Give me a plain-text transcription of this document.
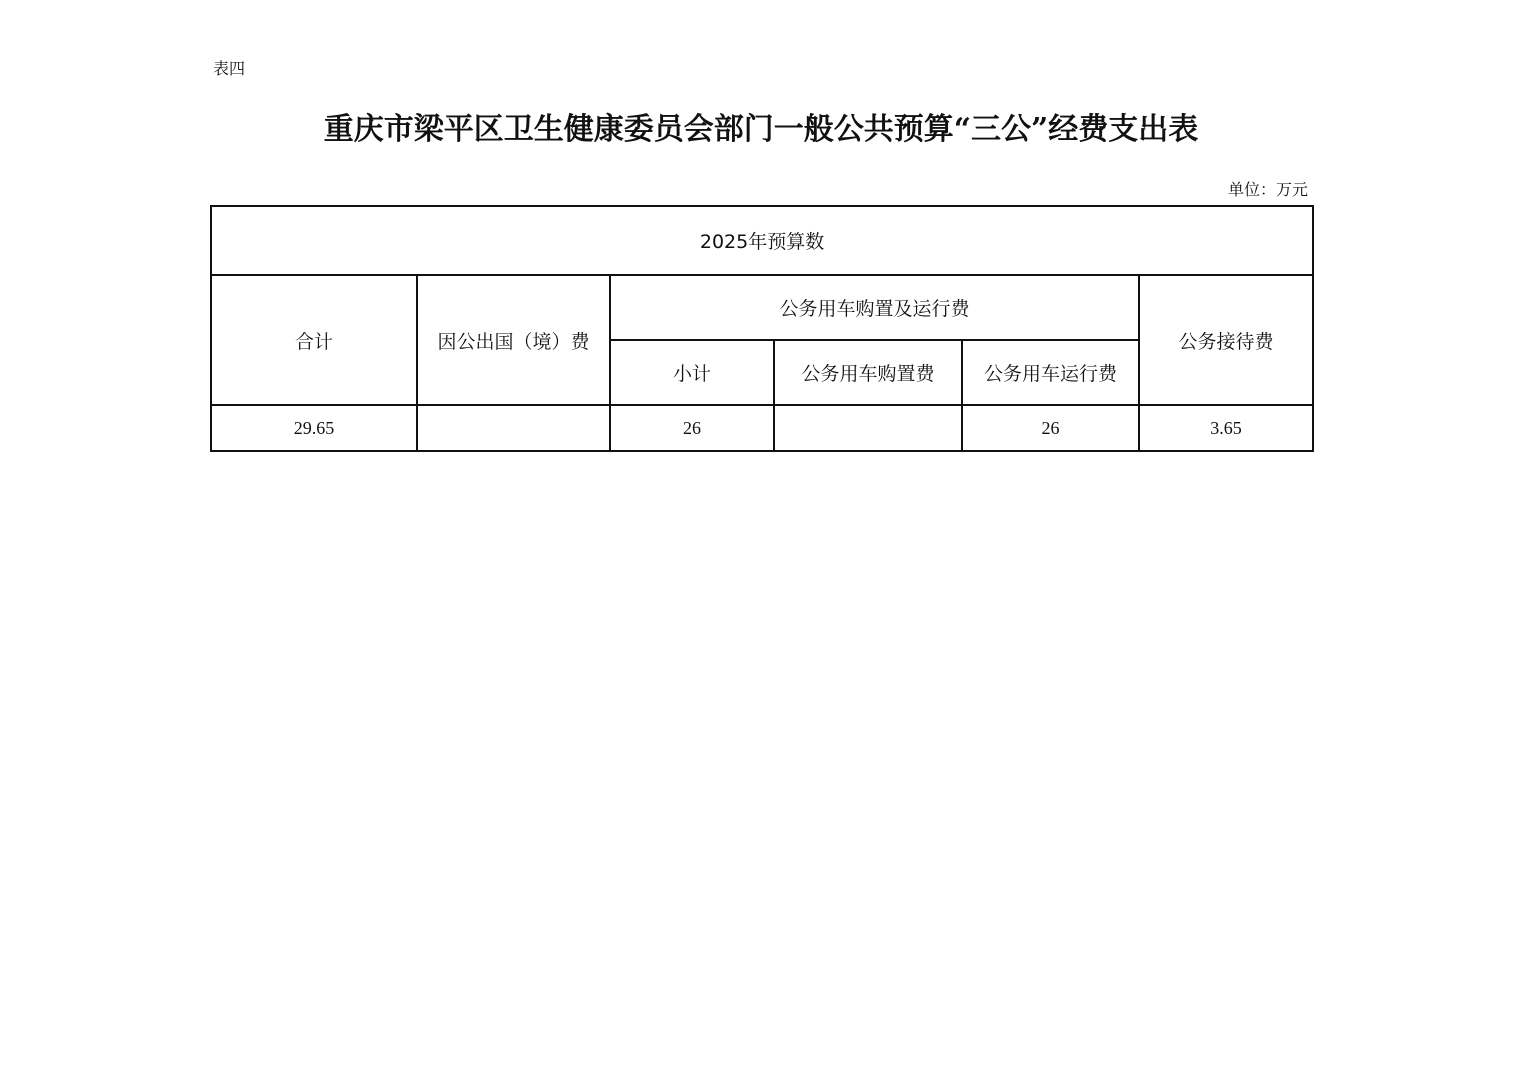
表四
重庆市梁平区卫生健康委员会部门一般公共预算“三公”经费支出表
单位：万元
2025年预算数					
合计	因公出国（境）费	公务用车购置及运行费			公务接待费
		小计	公务用车购置费	公务用车运行费	
29.65		26		26	3.65
